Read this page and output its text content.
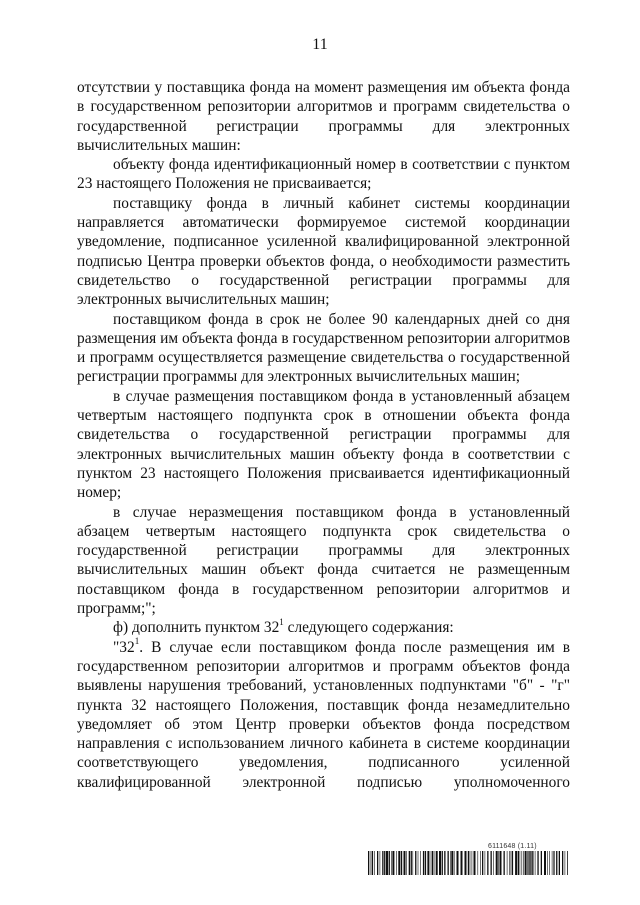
11

отсутствии у поставщика фонда на момент размещения им объекта фонда в государственном репозитории алгоритмов и программ свидетельства о государственной регистрации программы для электронных вычислительных машин:

объекту фонда идентификационный номер в соответствии с пунктом 23 настоящего Положения не присваивается;

поставщику фонда в личный кабинет системы координации направляется автоматически формируемое системой координации уведомление, подписанное усиленной квалифицированной электронной подписью Центра проверки объектов фонда, о необходимости разместить свидетельство о государственной регистрации программы для электронных вычислительных машин;

поставщиком фонда в срок не более 90 календарных дней со дня размещения им объекта фонда в государственном репозитории алгоритмов и программ осуществляется размещение свидетельства о государственной регистрации программы для электронных вычислительных машин;

в случае размещения поставщиком фонда в установленный абзацем четвертым настоящего подпункта срок в отношении объекта фонда свидетельства о государственной регистрации программы для электронных вычислительных машин объекту фонда в соответствии с пунктом 23 настоящего Положения присваивается идентификационный номер;

в случае неразмещения поставщиком фонда в установленный абзацем четвертым настоящего подпункта срок свидетельства о государственной регистрации программы для электронных вычислительных машин объект фонда считается не размещенным поставщиком фонда в государственном репозитории алгоритмов и программ;";

ф) дополнить пунктом $32^1$ следующего содержания:

"$32^1$. В случае если поставщиком фонда после размещения им в государственном репозитории алгоритмов и программ объектов фонда выявлены нарушения требований, установленных подпунктами "б" - "г" пункта 32 настоящего Положения, поставщик фонда незамедлительно уведомляет об этом Центр проверки объектов фонда посредством направления с использованием личного кабинета в системе координации соответствующего уведомления, подписанного усиленной квалифицированной электронной подписью уполномоченного

6111648 (1.11)
